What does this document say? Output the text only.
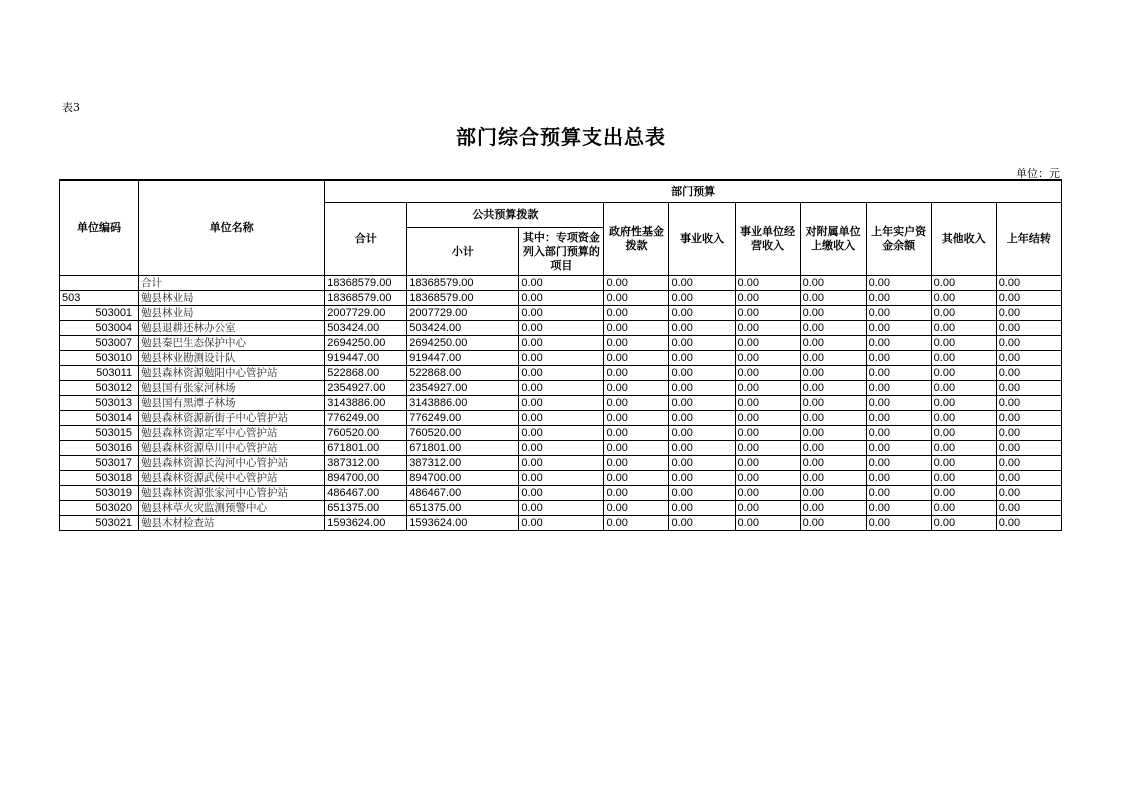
表3
部门综合预算支出总表
单位：元
单位编码	单位名称	部门预算									
		合计	公共预算拨款		政府性基金拨款	事业收入	事业单位经营收入	对附属单位上缴收入	上年实户资金余额	其他收入	上年结转
			小计	其中：专项资金列入部门预算的项目							
	合计	18368579.00	18368579.00	0.00	0.00	0.00	0.00	0.00	0.00	0.00	0.00
503	勉县林业局	18368579.00	18368579.00	0.00	0.00	0.00	0.00	0.00	0.00	0.00	0.00
503001	勉县林业局	2007729.00	2007729.00	0.00	0.00	0.00	0.00	0.00	0.00	0.00	0.00
503004	勉县退耕还林办公室	503424.00	503424.00	0.00	0.00	0.00	0.00	0.00	0.00	0.00	0.00
503007	勉县秦巴生态保护中心	2694250.00	2694250.00	0.00	0.00	0.00	0.00	0.00	0.00	0.00	0.00
503010	勉县林业勘测设计队	919447.00	919447.00	0.00	0.00	0.00	0.00	0.00	0.00	0.00	0.00
503011	勉县森林资源勉阳中心管护站	522868.00	522868.00	0.00	0.00	0.00	0.00	0.00	0.00	0.00	0.00
503012	勉县国有张家河林场	2354927.00	2354927.00	0.00	0.00	0.00	0.00	0.00	0.00	0.00	0.00
503013	勉县国有黑潭子林场	3143886.00	3143886.00	0.00	0.00	0.00	0.00	0.00	0.00	0.00	0.00
503014	勉县森林资源新街子中心管护站	776249.00	776249.00	0.00	0.00	0.00	0.00	0.00	0.00	0.00	0.00
503015	勉县森林资源定军中心管护站	760520.00	760520.00	0.00	0.00	0.00	0.00	0.00	0.00	0.00	0.00
503016	勉县森林资源阜川中心管护站	671801.00	671801.00	0.00	0.00	0.00	0.00	0.00	0.00	0.00	0.00
503017	勉县森林资源长沟河中心管护站	387312.00	387312.00	0.00	0.00	0.00	0.00	0.00	0.00	0.00	0.00
503018	勉县森林资源武侯中心管护站	894700.00	894700.00	0.00	0.00	0.00	0.00	0.00	0.00	0.00	0.00
503019	勉县森林资源张家河中心管护站	486467.00	486467.00	0.00	0.00	0.00	0.00	0.00	0.00	0.00	0.00
503020	勉县林草火灾监测预警中心	651375.00	651375.00	0.00	0.00	0.00	0.00	0.00	0.00	0.00	0.00
503021	勉县木材检查站	1593624.00	1593624.00	0.00	0.00	0.00	0.00	0.00	0.00	0.00	0.00
